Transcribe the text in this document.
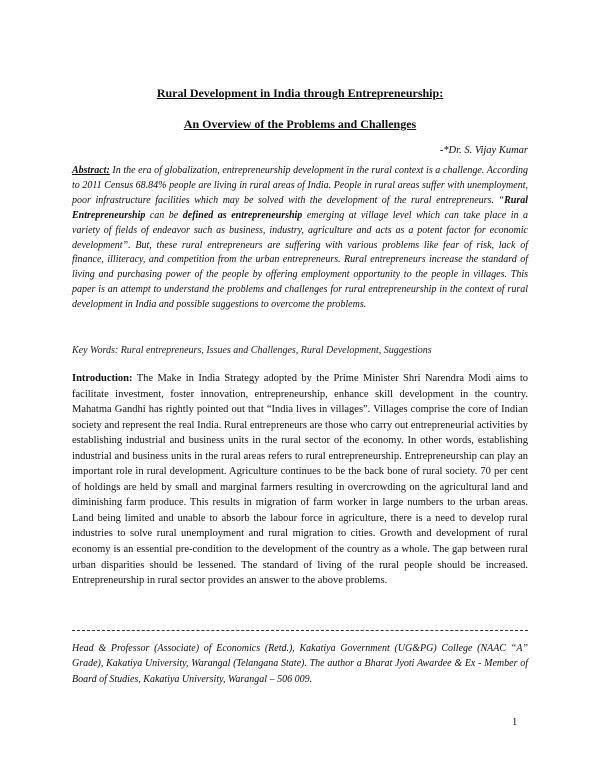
Rural Development in India through Entrepreneurship:
An Overview of the Problems and Challenges
-*Dr. S. Vijay Kumar
Abstract: In the era of globalization, entrepreneurship development in the rural context is a challenge. According to 2011 Census 68.84% people are living in rural areas of India. People in rural areas suffer with unemployment, poor infrastructure facilities which may be solved with the development of the rural entrepreneurs. “Rural Entrepreneurship can be defined as entrepreneurship emerging at village level which can take place in a variety of fields of endeavor such as business, industry, agriculture and acts as a potent factor for economic development”. But, these rural entrepreneurs are suffering with various problems like fear of risk, lack of finance, illiteracy, and competition from the urban entrepreneurs. Rural entrepreneurs increase the standard of living and purchasing power of the people by offering employment opportunity to the people in villages. This paper is an attempt to understand the problems and challenges for rural entrepreneurship in the context of rural development in India and possible suggestions to overcome the problems.
Key Words: Rural entrepreneurs, Issues and Challenges, Rural Development, Suggestions
Introduction: The Make in India Strategy adopted by the Prime Minister Shri Narendra Modi aims to facilitate investment, foster innovation, entrepreneurship, enhance skill development in the country. Mahatma Gandhi has rightly pointed out that “India lives in villages”. Villages comprise the core of Indian society and represent the real India. Rural entrepreneurs are those who carry out entrepreneurial activities by establishing industrial and business units in the rural sector of the economy. In other words, establishing industrial and business units in the rural areas refers to rural entrepreneurship. Entrepreneurship can play an important role in rural development. Agriculture continues to be the back bone of rural society. 70 per cent of holdings are held by small and marginal farmers resulting in overcrowding on the agricultural land and diminishing farm produce. This results in migration of farm worker in large numbers to the urban areas. Land being limited and unable to absorb the labour force in agriculture, there is a need to develop rural industries to solve rural unemployment and rural migration to cities. Growth and development of rural economy is an essential pre-condition to the development of the country as a whole. The gap between rural urban disparities should be lessened. The standard of living of the rural people should be increased. Entrepreneurship in rural sector provides an answer to the above problems.
Head & Professor (Associate) of Economics (Retd.), Kakatiya Government (UG&PG) College (NAAC “A” Grade), Kakatiya University, Warangal (Telangana State). The author a Bharat Jyoti Awardee & Ex - Member of Board of Studies, Kakatiya University, Warangal – 506 009.
1
